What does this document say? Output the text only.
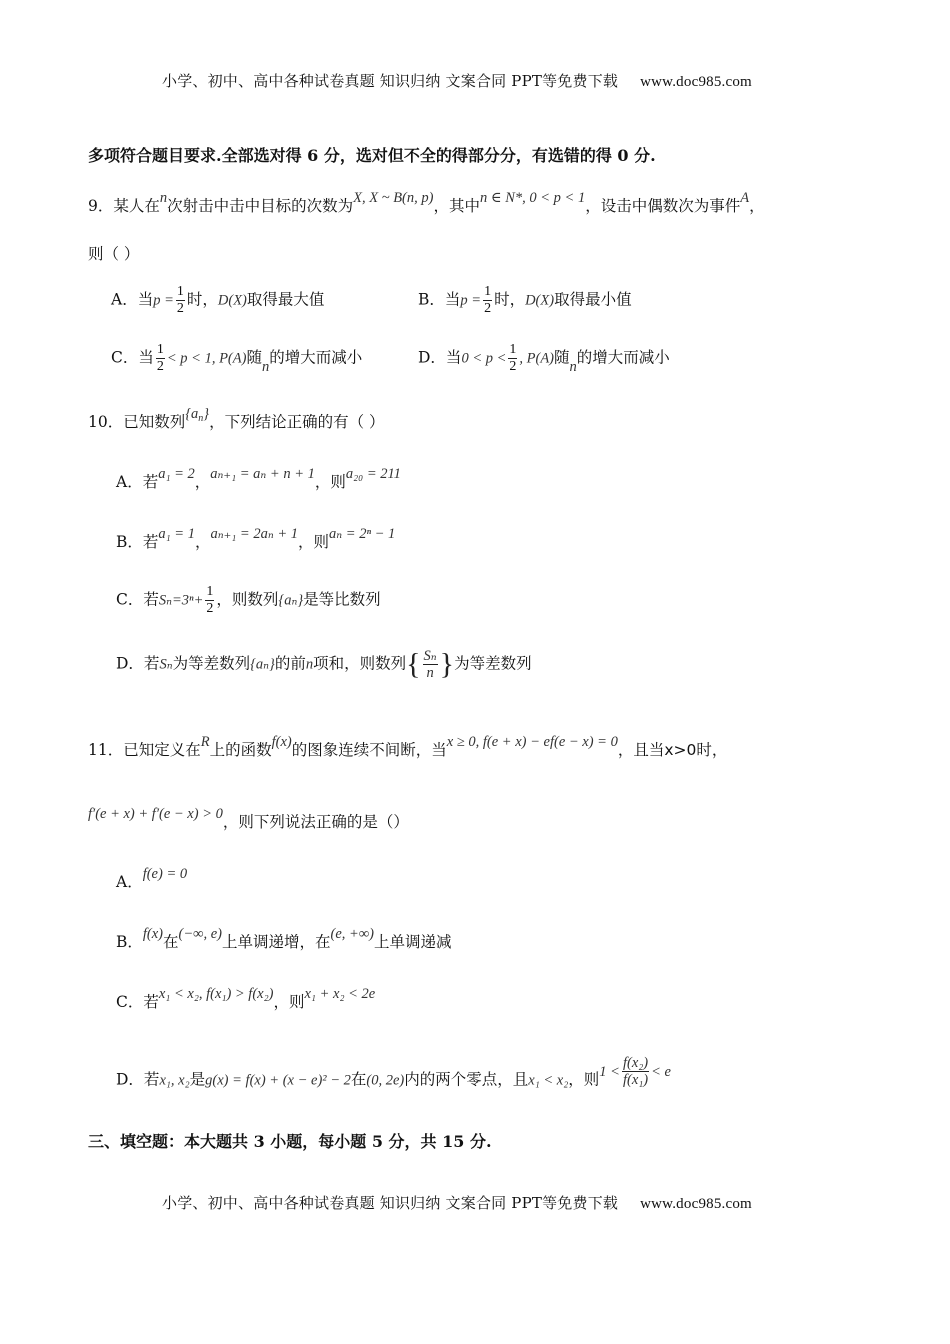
小学、初中、高中各种试卷真题 知识归纳 文案合同 PPT等免费下载 www.doc985.com
多项符合题目要求.全部选对得 6 分，选对但不全的得部分分，有选错的得 0 分.
9．某人在n次射击中击中目标的次数为X, X ~ B(n, p)，其中n ∈ N*, 0 < p < 1，设击中偶数次为事件A，
则（ ）
A．当$p = \frac{1}{2}$ 时，D(X)取得最大值	B．当$p = \frac{1}{2}$ 时，D(X)取得最小值
C．当 $\frac{1}{2} < p < 1$, P(A)随n的增大而减小	D．当$0 < p < \frac{1}{2}$ , P(A)随n的增大而减小
10．已知数列$\{a_n\}$，下列结论正确的有（ ）
A．若a₁ = 2，aₙ₊₁ = aₙ + n + 1，则a₂₀ = 211
B．若a₁ = 1，aₙ₊₁ = 2aₙ + 1，则aₙ = 2ⁿ − 1
C．若$S_n=3^n+ \frac{1}{2}$ ，则数列{aₙ}是等比数列
D．若Sₙ为等差数列{aₙ}的前n项和，则数列{ $\frac{\text{Sₙ}}{n}$ }为等差数列
11．已知定义在R上的函数f(x)的图象连续不间断，当x ≥ 0, f(e + x) − ef(e − x) = 0，且当x>0时，
f′(e + x) + f′(e − x) > 0，则下列说法正确的是（）
A．f(e) = 0
B．f(x)在(−∞, e)上单调递增，在(e, +∞)上单调递减
C．若x₁ < x₂, f(x₁) > f(x₂)，则x₁ + x₂ < 2e
D．若x₁, x₂是g(x) = f(x) + (x − e)² − 2在(0, 2e)内的两个零点，且x₁ < x₂，则$1 < \frac{\text{f(x₂)}}{\text{f(x₁)}} < e$
三、填空题：本大题共 3 小题，每小题 5 分，共 15 分.
小学、初中、高中各种试卷真题 知识归纳 文案合同 PPT等免费下载 www.doc985.com
